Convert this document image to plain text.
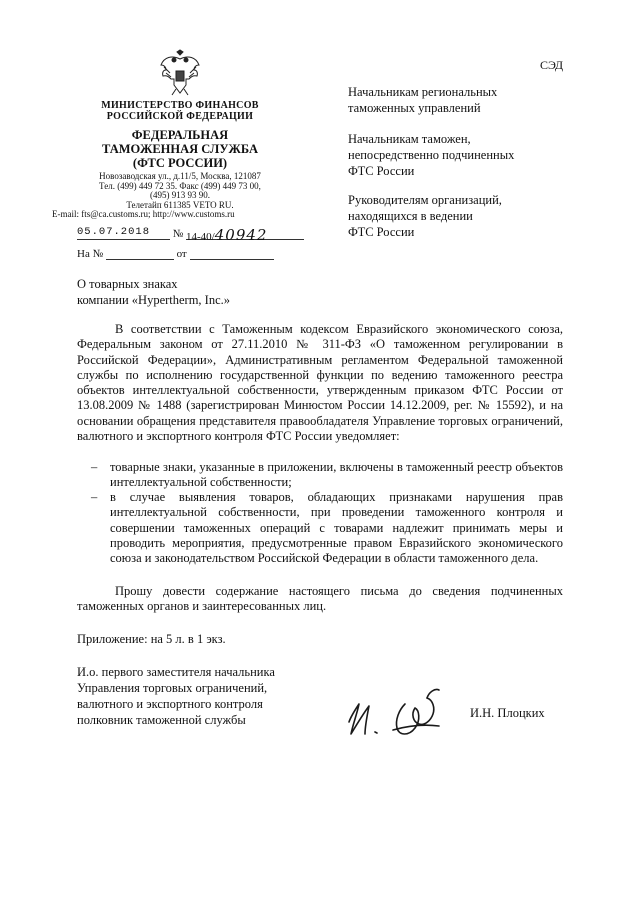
СЭД
МИНИСТЕРСТВО ФИНАНСОВ
РОССИЙСКОЙ ФЕДЕРАЦИИ
ФЕДЕРАЛЬНАЯ
ТАМОЖЕННАЯ СЛУЖБА
(ФТС РОССИИ)
Новозаводская ул., д.11/5, Москва, 121087
Тел. (499) 449 72 35. Факс (499) 449 73 00,
(495) 913 93 90.
Телетайп 611385 VETO RU.
E-mail: fts@ca.customs.ru; http://www.customs.ru
05.07.2018 № 14-40/40942
На №	от
Начальникам региональных
таможенных управлений
Начальникам таможен,
непосредственно подчиненных
ФТС России
Руководителям организаций,
находящихся в ведении
ФТС России
О товарных знаках
компании «Hypertherm, Inc.»
В соответствии с Таможенным кодексом Евразийского экономического союза, Федеральным законом от 27.11.2010 № 311-ФЗ «О таможенном регулировании в Российской Федерации», Административным регламентом Федеральной таможенной службы по исполнению государственной функции по ведению таможенного реестра объектов интеллектуальной собственности, утвержденным приказом ФТС России от 13.08.2009 № 1488 (зарегистрирован Минюстом России 14.12.2009, рег. № 15592), и на основании обращения представителя правообладателя Управление торговых ограничений, валютного и экспортного контроля ФТС России уведомляет:
– товарные знаки, указанные в приложении, включены в таможенный реестр объектов интеллектуальной собственности;
– в случае выявления товаров, обладающих признаками нарушения прав интеллектуальной собственности, при проведении таможенного контроля и совершении таможенных операций с товарами надлежит принимать меры и проводить мероприятия, предусмотренные правом Евразийского экономического союза и законодательством Российской Федерации в области таможенного дела.
Прошу довести содержание настоящего письма до сведения подчиненных таможенных органов и заинтересованных лиц.
Приложение: на 5 л. в 1 экз.
И.о. первого заместителя начальника
Управления торговых ограничений,
валютного и экспортного контроля
полковник таможенной службы	И.Н. Плоцких
